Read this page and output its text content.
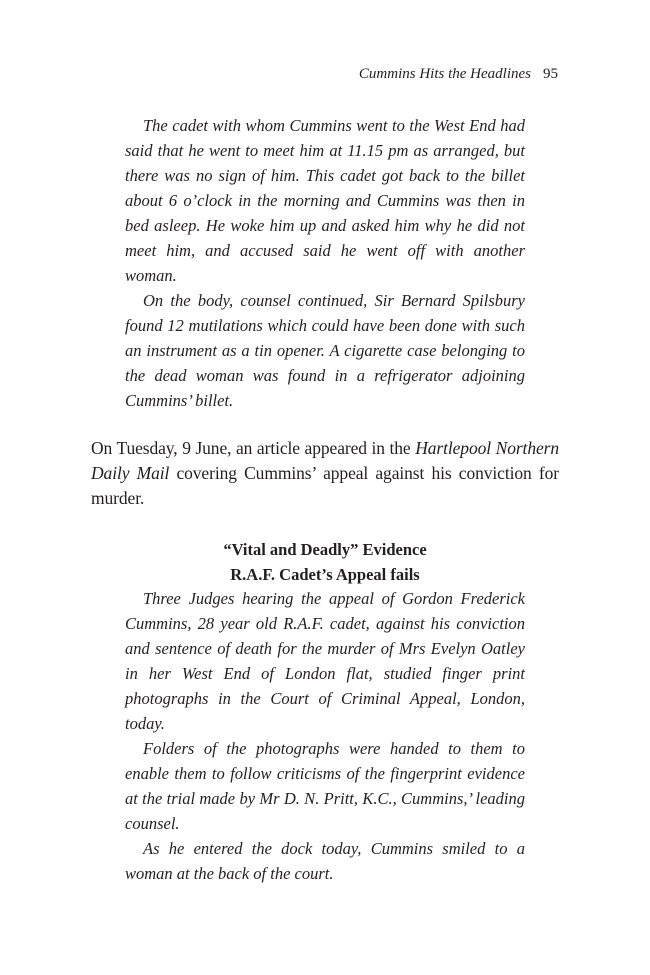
Cummins Hits the Headlines 95

The cadet with whom Cummins went to the West End had said that he went to meet him at 11.15 pm as arranged, but there was no sign of him. This cadet got back to the billet about 6 o’clock in the morning and Cummins was then in bed asleep. He woke him up and asked him why he did not meet him, and accused said he went off with another woman.

On the body, counsel continued, Sir Bernard Spilsbury found 12 mutilations which could have been done with such an instrument as a tin opener. A cigarette case belonging to the dead woman was found in a refrigerator adjoining Cummins’ billet.

On Tuesday, 9 June, an article appeared in the Hartlepool Northern Daily Mail covering Cummins’ appeal against his conviction for murder.

“Vital and Deadly” Evidence
R.A.F. Cadet’s Appeal fails

Three Judges hearing the appeal of Gordon Frederick Cummins, 28 year old R.A.F. cadet, against his conviction and sentence of death for the murder of Mrs Evelyn Oatley in her West End of London flat, studied finger print photographs in the Court of Criminal Appeal, London, today.

Folders of the photographs were handed to them to enable them to follow criticisms of the fingerprint evidence at the trial made by Mr D. N. Pritt, K.C., Cummins,’ leading counsel.

As he entered the dock today, Cummins smiled to a woman at the back of the court.
